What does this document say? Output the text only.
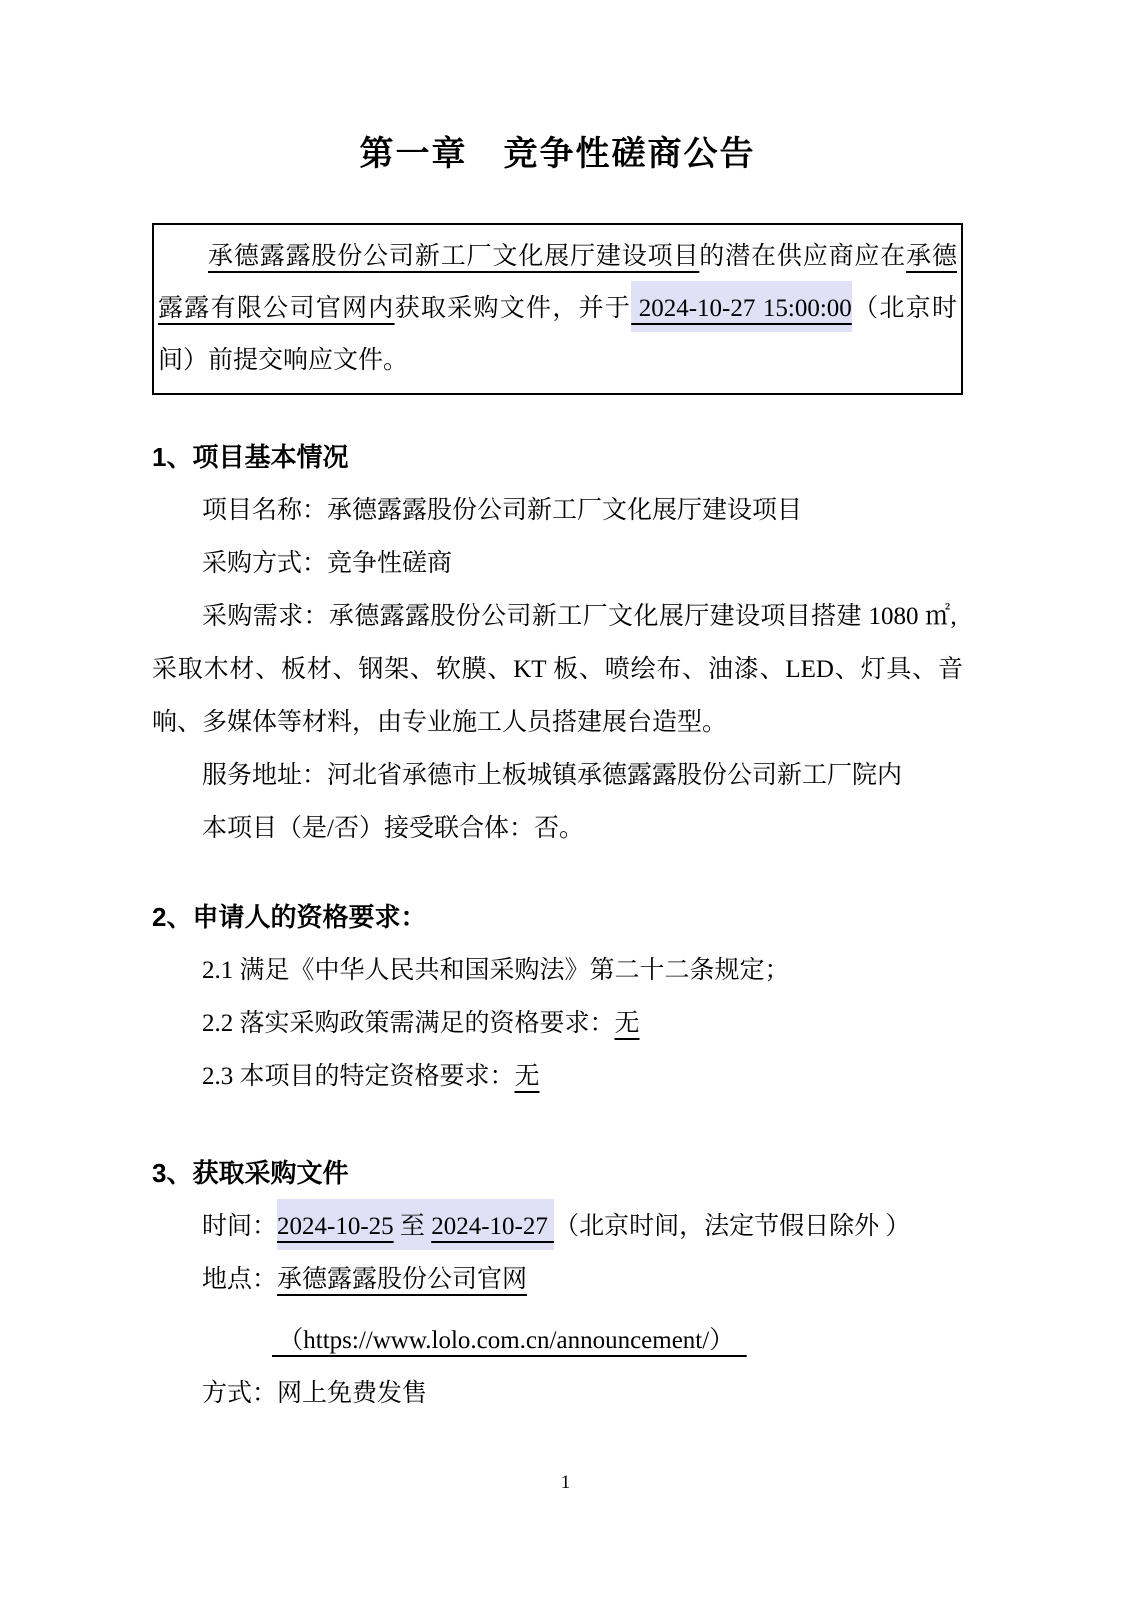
第一章　竞争性磋商公告

承德露露股份公司新工厂文化展厅建设项目的潜在供应商应在承德露露有限公司官网内获取采购文件，并于 2024-10-27 15:00:00（北京时间）前提交响应文件。

1、项目基本情况

项目名称：承德露露股份公司新工厂文化展厅建设项目

采购方式：竞争性磋商

采购需求：承德露露股份公司新工厂文化展厅建设项目搭建 1080 ㎡,  采取木材、板材、钢架、软膜、KT 板、喷绘布、油漆、LED、灯具、音响、多媒体等材料，由专业施工人员搭建展台造型。

服务地址：河北省承德市上板城镇承德露露股份公司新工厂院内

本项目（是/否）接受联合体：否。

2、申请人的资格要求：

2.1 满足《中华人民共和国采购法》第二十二条规定；

2.2 落实采购政策需满足的资格要求：无

2.3 本项目的特定资格要求：无

3、获取采购文件

时间：2024-10-25 至 2024-10-27 （北京时间，法定节假日除外 ）

地点：承德露露股份公司官网

（https://www.lolo.com.cn/announcement/）

方式：网上免费发售

1
